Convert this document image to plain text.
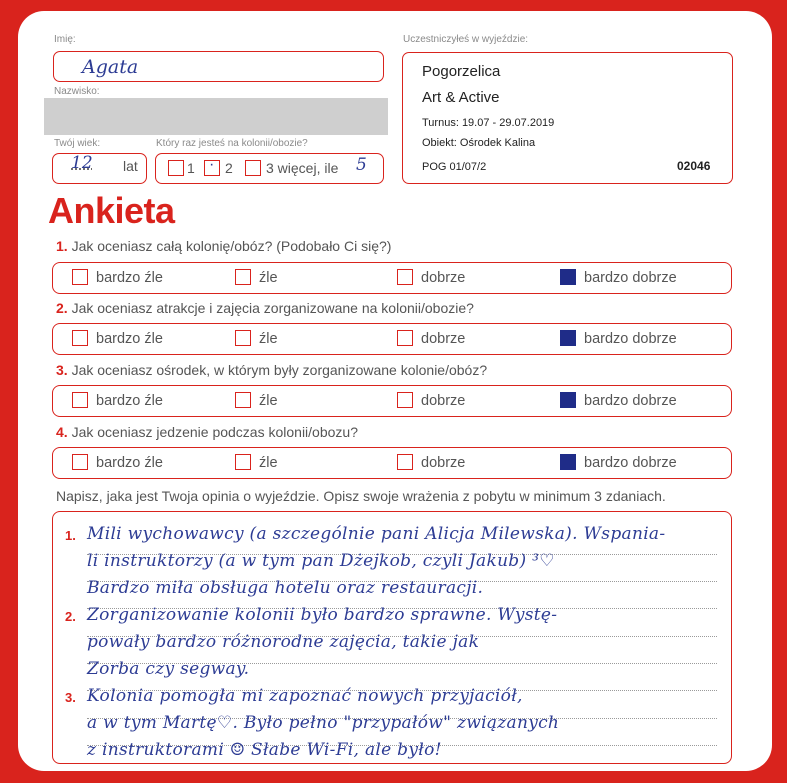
Imię:
Agata
Nazwisko:
Twój wiek:
12 lat
Który raz jesteś na kolonii/obozie?
1
· 2 3 więcej, ile 5
Uczestniczyłeś w wyjeździe:
Pogorzelica
Art & Active
Turnus: 19.07 - 29.07.2019
Obiekt: Ośrodek Kalina
POG 01/07/2	02046
Ankieta
1. Jak oceniasz całą kolonię/obóz? (Podobało Ci się?)
bardzo źle	źle	dobrze	bardzo dobrze
2. Jak oceniasz atrakcje i zajęcia zorganizowane na kolonii/obozie?
bardzo źle	źle	dobrze	bardzo dobrze
3. Jak oceniasz ośrodek, w którym były zorganizowane kolonie/obóz?
bardzo źle	źle	dobrze	bardzo dobrze
4. Jak oceniasz jedzenie podczas kolonii/obozu?
bardzo źle	źle	dobrze	bardzo dobrze
Napisz, jaka jest Twoja opinia o wyjeździe. Opisz swoje wrażenia z pobytu w minimum 3 zdaniach.
1. Mili wychowawcy (a szczególnie pani Alicja Milewska). Wspania-
li instruktorzy (a w tym pan Dżejkob, czyli Jakub) ³♡
Bardzo miła obsługa hotelu oraz restauracji.
2. Zorganizowanie kolonii było bardzo sprawne. Wystę-
powały bardzo różnorodne zajęcia, takie jak
Zorba czy segway.
3. Kolonia pomogła mi zapoznać nowych przyjaciół,
a w tym Martę♡. Było pełno "przypałów" związanych
z instruktorami ☺ Słabe Wi-Fi, ale było!
